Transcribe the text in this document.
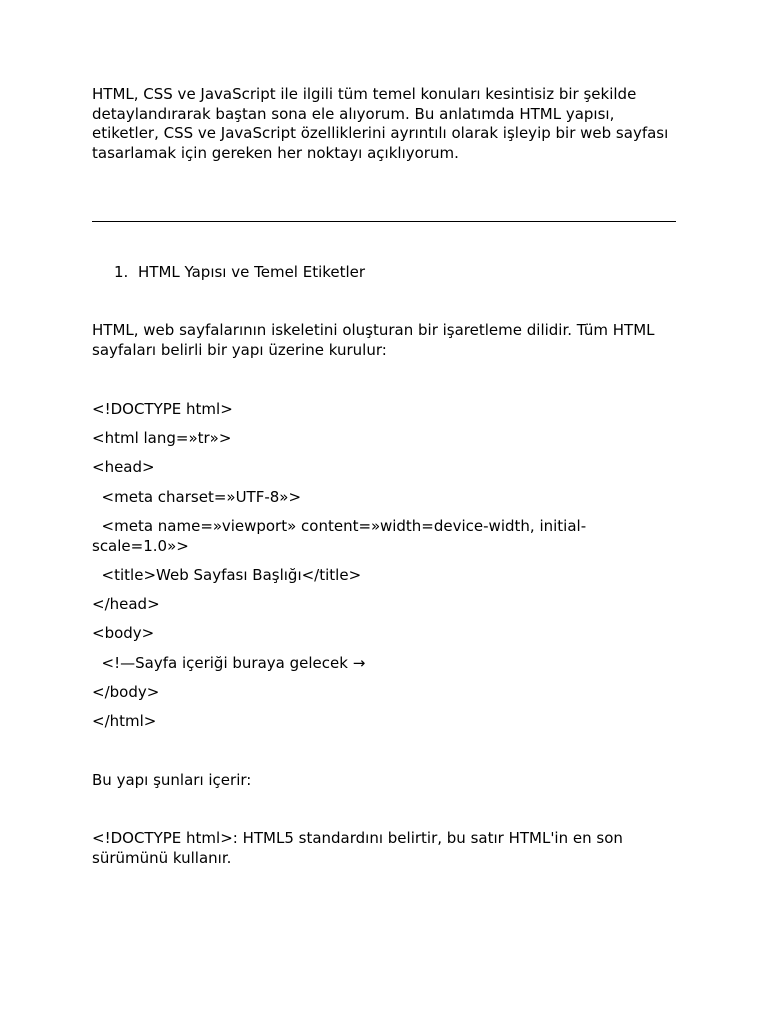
HTML, CSS ve JavaScript ile ilgili tüm temel konuları kesintisiz bir şekilde detaylandırarak baştan sona ele alıyorum. Bu anlatımda HTML yapısı, etiketler, CSS ve JavaScript özelliklerini ayrıntılı olarak işleyip bir web sayfası tasarlamak için gereken her noktayı açıklıyorum.

1. HTML Yapısı ve Temel Etiketler

HTML, web sayfalarının iskeletini oluşturan bir işaretleme dilidir. Tüm HTML sayfaları belirli bir yapı üzerine kurulur:

<!DOCTYPE html>

<html lang=»tr»>

<head>

<meta charset=»UTF-8»>

<meta name=»viewport» content=»width=device-width, initial-scale=1.0»>

<title>Web Sayfası Başlığı</title>

</head>

<body>

<!—Sayfa içeriği buraya gelecek →

</body>

</html>

Bu yapı şunları içerir:

<!DOCTYPE html>: HTML5 standardını belirtir, bu satır HTML'in en son sürümünü kullanır.
